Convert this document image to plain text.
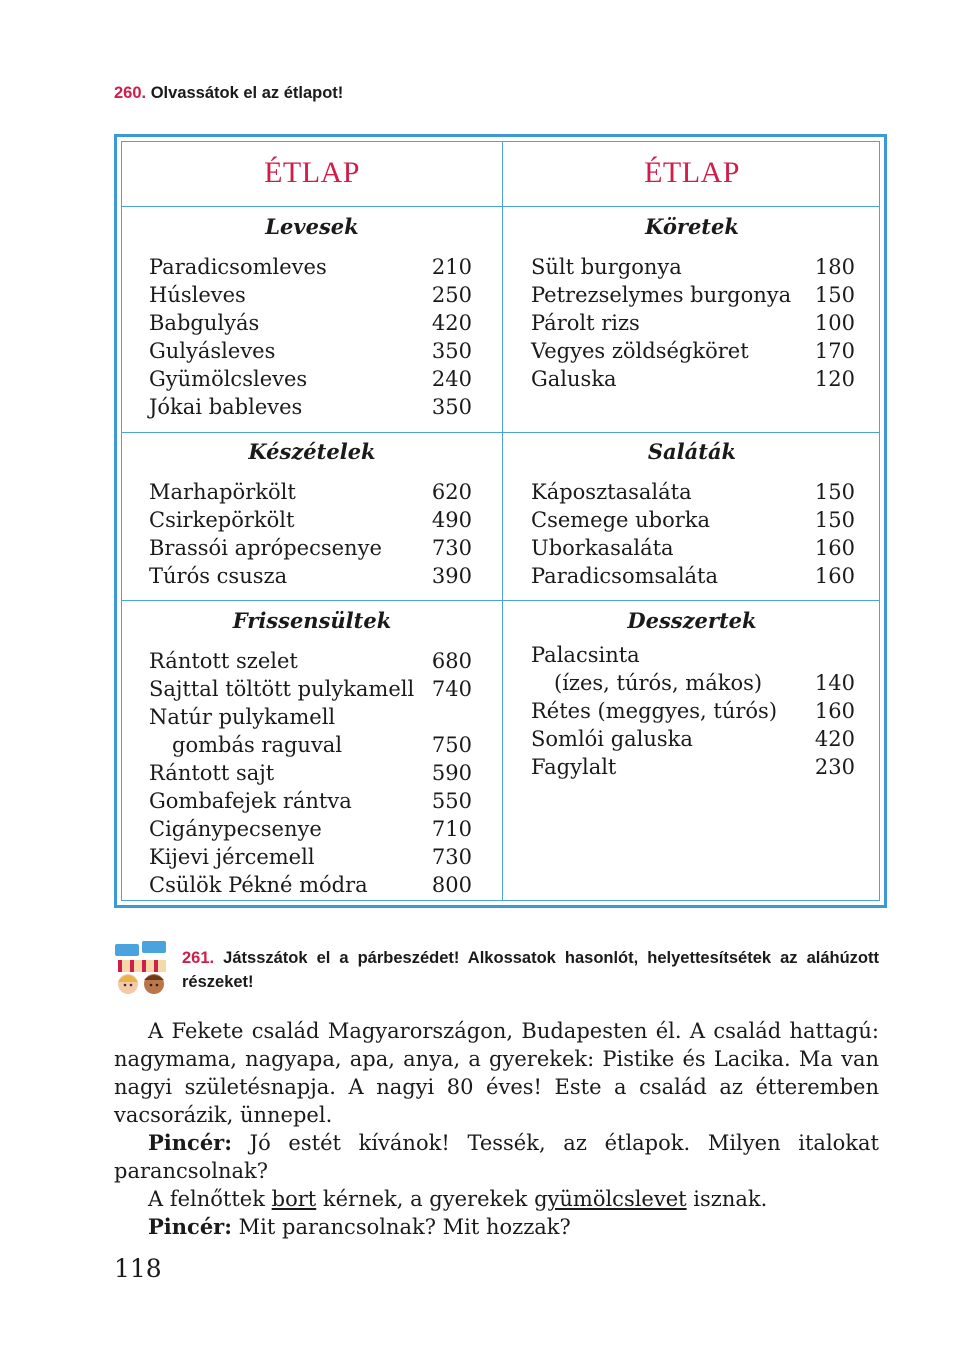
260. Olvassátok el az étlapot!
ÉTLAP
Levesek
Paradicsomleves	210
Húsleves	250
Babgulyás	420
Gulyásleves	350
Gyümölcsleves	240
Jókai bableves	350
Készételek
Marhapörkölt	620
Csirkepörkölt	490
Brassói aprópecsenye	730
Túrós csusza	390
Frissensültek
Rántott szelet	680
Sajttal töltött pulykamell 740
Natúr pulykamell
gombás raguval	750
Rántott sajt	590
Gombafejek rántva	550
Cigánypecsenye	710
Kijevi jércemell	730
Csülök Pékné módra	800
ÉTLAP
Köretek
Sült burgonya	180
Petrezselymes burgonya	150
Párolt rizs	100
Vegyes zöldségköret	170
Galuska	120
Saláták
Káposztasaláta	150
Csemege uborka	150
Uborkasaláta	160
Paradicsomsaláta	160
Desszertek
Palacsinta
(ízes, túrós, mákos)	140
Rétes (meggyes, túrós)	160
Somlói galuska	420
Fagylalt	230
261. Játsszátok el a párbeszédet! Alkossatok hasonlót, helyettesítsétek az aláhúzott részeket!
A Fekete család Magyarországon, Budapesten él. A család hattagú: nagymama, nagyapa, apa, anya, a gyerekek: Pistike és Lacika. Ma van nagyi születésnapja. A nagyi 80 éves! Este a család az étteremben vacsorázik, ünnepel.
Pincér: Jó estét kívánok! Tessék, az étlapok. Milyen italokat parancsolnak?
A felnőttek bort kérnek, a gyerekek gyümölcslevet isznak.
Pincér: Mit parancsolnak? Mit hozzak?
118
